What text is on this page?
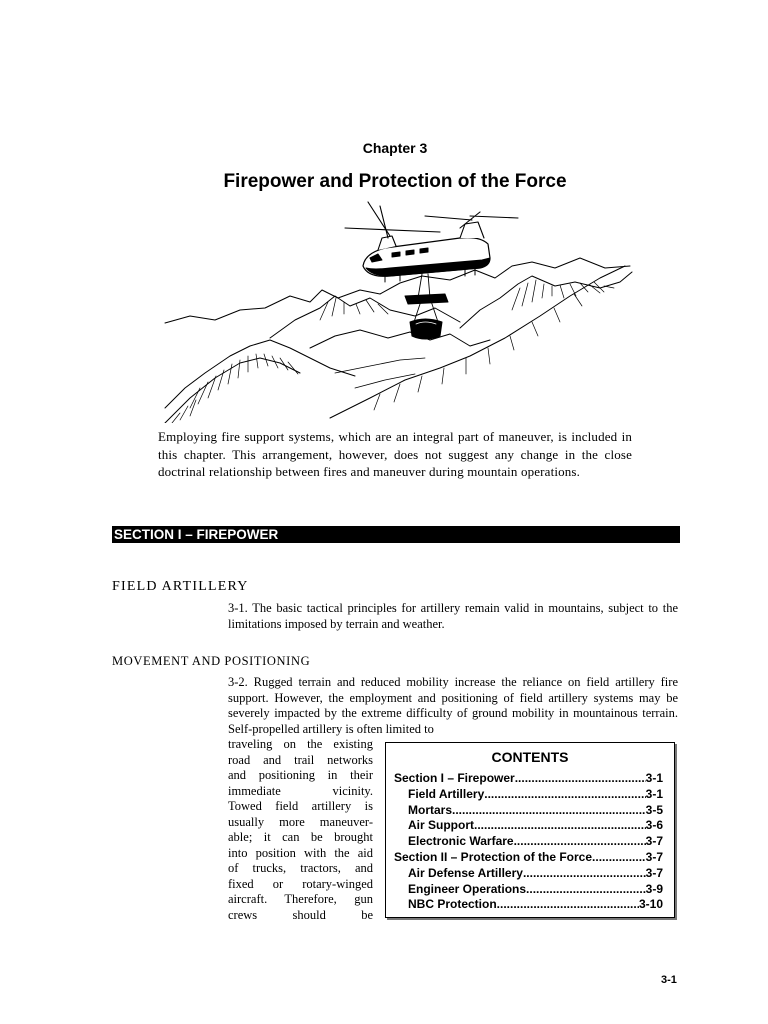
Chapter 3
Firepower and Protection of the Force
Employing fire support systems, which are an integral part of maneuver, is included in this chapter. This arrangement, however, does not suggest any change in the close doctrinal relationship between fires and maneuver during mountain operations.
SECTION I – FIREPOWER
FIELD ARTILLERY
3-1. The basic tactical principles for artillery remain valid in mountains, subject to the limitations imposed by terrain and weather.
MOVEMENT AND POSITIONING
3-2. Rugged terrain and reduced mobility increase the reliance on field artillery fire support. However, the employment and positioning of field artillery systems may be severely impacted by the extreme difficulty of ground mobility in mountainous terrain. Self-propelled artillery is often limited to
traveling on the existing
road and trail networks
and positioning in their
immediate vicinity.
Towed field artillery is
usually more maneuver-
able; it can be brought
into position with the aid
of trucks, tractors, and
fixed or rotary-winged
aircraft. Therefore, gun
crews should be
CONTENTS
Section I – Firepower .....	3-1
Field Artillery .....	3-1
Mortars .....	3-5
Air Support .....	3-6
Electronic Warfare .....	3-7
Section II – Protection of the Force .....	3-7
Air Defense Artillery .....	3-7
Engineer Operations .....	3-9
NBC Protection .....	3-10
3-1
